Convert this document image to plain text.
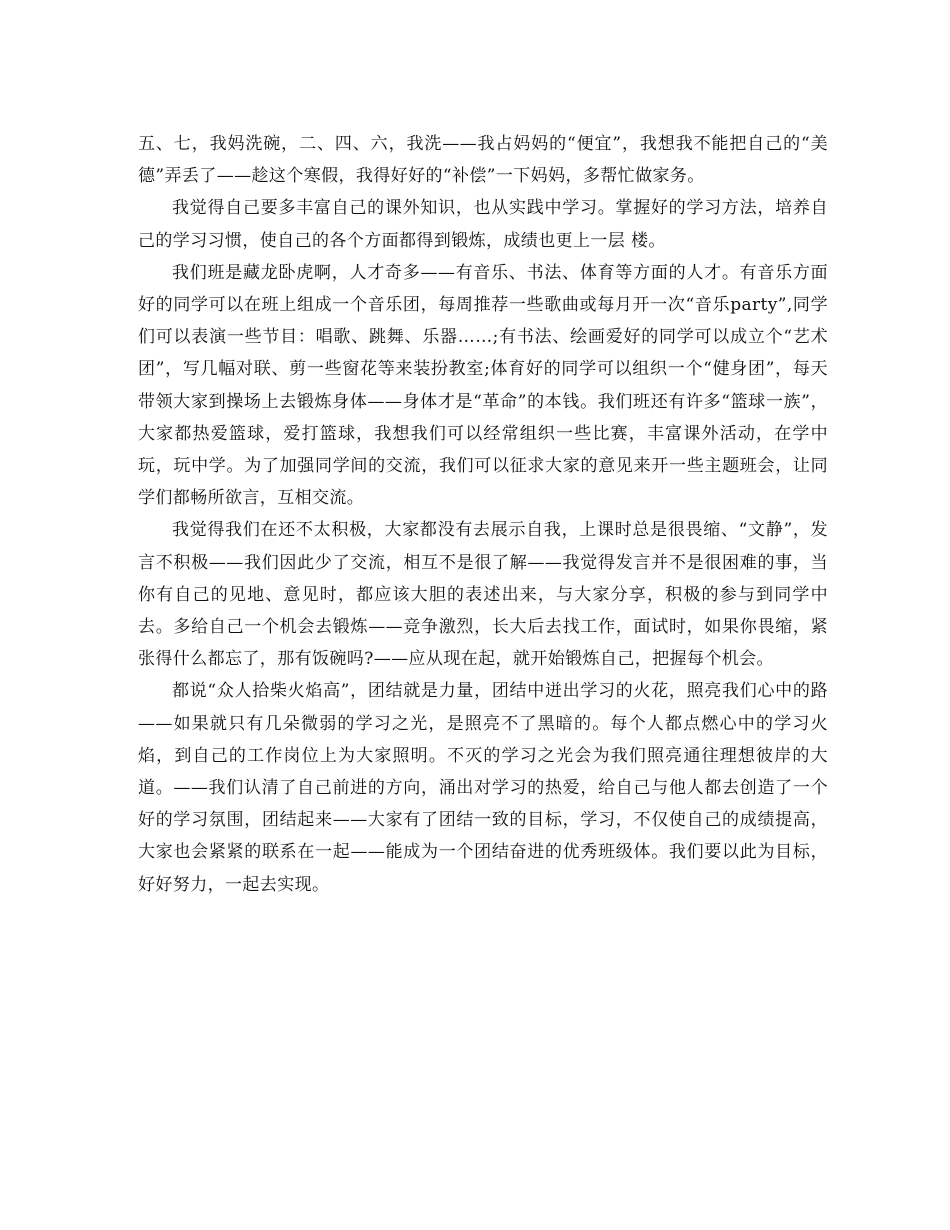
五、七，我妈洗碗，二、四、六，我洗——我占妈妈的“便宜”，我想我不能把自己的“美德”弄丢了——趁这个寒假，我得好好的“补偿”一下妈妈，多帮忙做家务。

我觉得自己要多丰富自己的课外知识，也从实践中学习。掌握好的学习方法，培养自己的学习习惯，使自己的各个方面都得到锻炼，成绩也更上一层 楼。

我们班是藏龙卧虎啊，人才奇多——有音乐、书法、体育等方面的人才。有音乐方面好的同学可以在班上组成一个音乐团，每周推荐一些歌曲或每月开一次“音乐party”,同学们可以表演一些节目：唱歌、跳舞、乐器……;有书法、绘画爱好的同学可以成立个“艺术团”，写几幅对联、剪一些窗花等来装扮教室;体育好的同学可以组织一个“健身团”，每天带领大家到操场上去锻炼身体——身体才是“革命”的本钱。我们班还有许多“篮球一族”，大家都热爱篮球，爱打篮球，我想我们可以经常组织一些比赛，丰富课外活动，在学中玩，玩中学。为了加强同学间的交流，我们可以征求大家的意见来开一些主题班会，让同学们都畅所欲言，互相交流。

我觉得我们在还不太积极，大家都没有去展示自我，上课时总是很畏缩、“文静”，发言不积极——我们因此少了交流，相互不是很了解——我觉得发言并不是很困难的事，当你有自己的见地、意见时，都应该大胆的表述出来，与大家分享，积极的参与到同学中去。多给自己一个机会去锻炼——竞争激烈，长大后去找工作，面试时，如果你畏缩，紧张得什么都忘了，那有饭碗吗?——应从现在起，就开始锻炼自己，把握每个机会。

都说“众人拾柴火焰高”，团结就是力量，团结中迸出学习的火花，照亮我们心中的路——如果就只有几朵微弱的学习之光，是照亮不了黑暗的。每个人都点燃心中的学习火焰，到自己的工作岗位上为大家照明。不灭的学习之光会为我们照亮通往理想彼岸的大道。——我们认清了自己前进的方向，涌出对学习的热爱，给自己与他人都去创造了一个好的学习氛围，团结起来——大家有了团结一致的目标，学习，不仅使自己的成绩提高，大家也会紧紧的联系在一起——能成为一个团结奋进的优秀班级体。我们要以此为目标，好好努力，一起去实现。
